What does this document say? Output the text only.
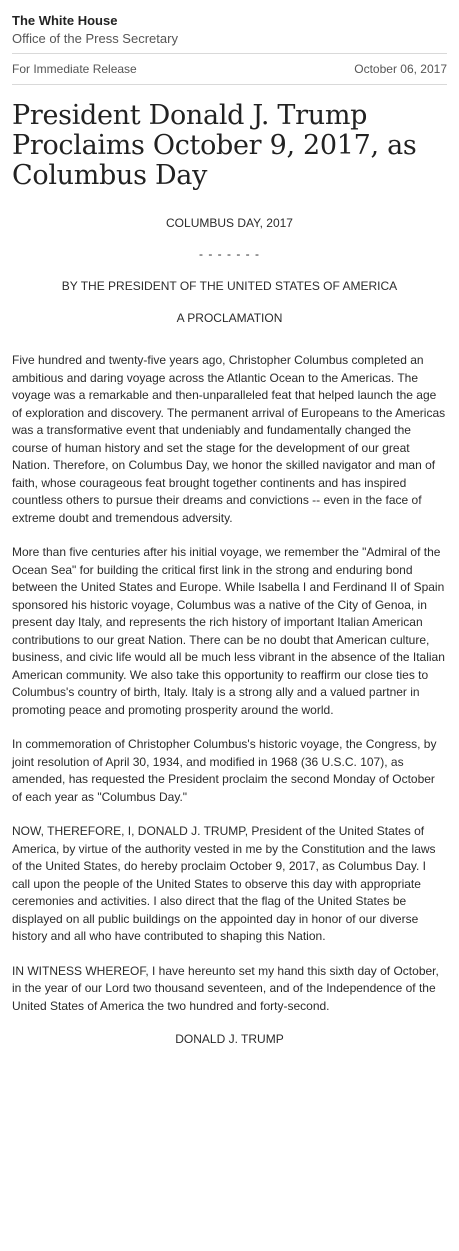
The White House
Office of the Press Secretary
For Immediate Release	October 06, 2017
President Donald J. Trump Proclaims October 9, 2017, as Columbus Day
COLUMBUS DAY, 2017
- - - - - - -
BY THE PRESIDENT OF THE UNITED STATES OF AMERICA
A PROCLAMATION

Five hundred and twenty-five years ago, Christopher Columbus completed an ambitious and daring voyage across the Atlantic Ocean to the Americas. The voyage was a remarkable and then-unparalleled feat that helped launch the age of exploration and discovery. The permanent arrival of Europeans to the Americas was a transformative event that undeniably and fundamentally changed the course of human history and set the stage for the development of our great Nation. Therefore, on Columbus Day, we honor the skilled navigator and man of faith, whose courageous feat brought together continents and has inspired countless others to pursue their dreams and convictions -- even in the face of extreme doubt and tremendous adversity.

More than five centuries after his initial voyage, we remember the "Admiral of the Ocean Sea" for building the critical first link in the strong and enduring bond between the United States and Europe. While Isabella I and Ferdinand II of Spain sponsored his historic voyage, Columbus was a native of the City of Genoa, in present day Italy, and represents the rich history of important Italian American contributions to our great Nation. There can be no doubt that American culture, business, and civic life would all be much less vibrant in the absence of the Italian American community. We also take this opportunity to reaffirm our close ties to Columbus's country of birth, Italy. Italy is a strong ally and a valued partner in promoting peace and promoting prosperity around the world.

In commemoration of Christopher Columbus's historic voyage, the Congress, by joint resolution of April 30, 1934, and modified in 1968 (36 U.S.C. 107), as amended, has requested the President proclaim the second Monday of October of each year as "Columbus Day."

NOW, THEREFORE, I, DONALD J. TRUMP, President of the United States of America, by virtue of the authority vested in me by the Constitution and the laws of the United States, do hereby proclaim October 9, 2017, as Columbus Day. I call upon the people of the United States to observe this day with appropriate ceremonies and activities. I also direct that the flag of the United States be displayed on all public buildings on the appointed day in honor of our diverse history and all who have contributed to shaping this Nation.

IN WITNESS WHEREOF, I have hereunto set my hand this sixth day of October, in the year of our Lord two thousand seventeen, and of the Independence of the United States of America the two hundred and forty-second.

DONALD J. TRUMP
